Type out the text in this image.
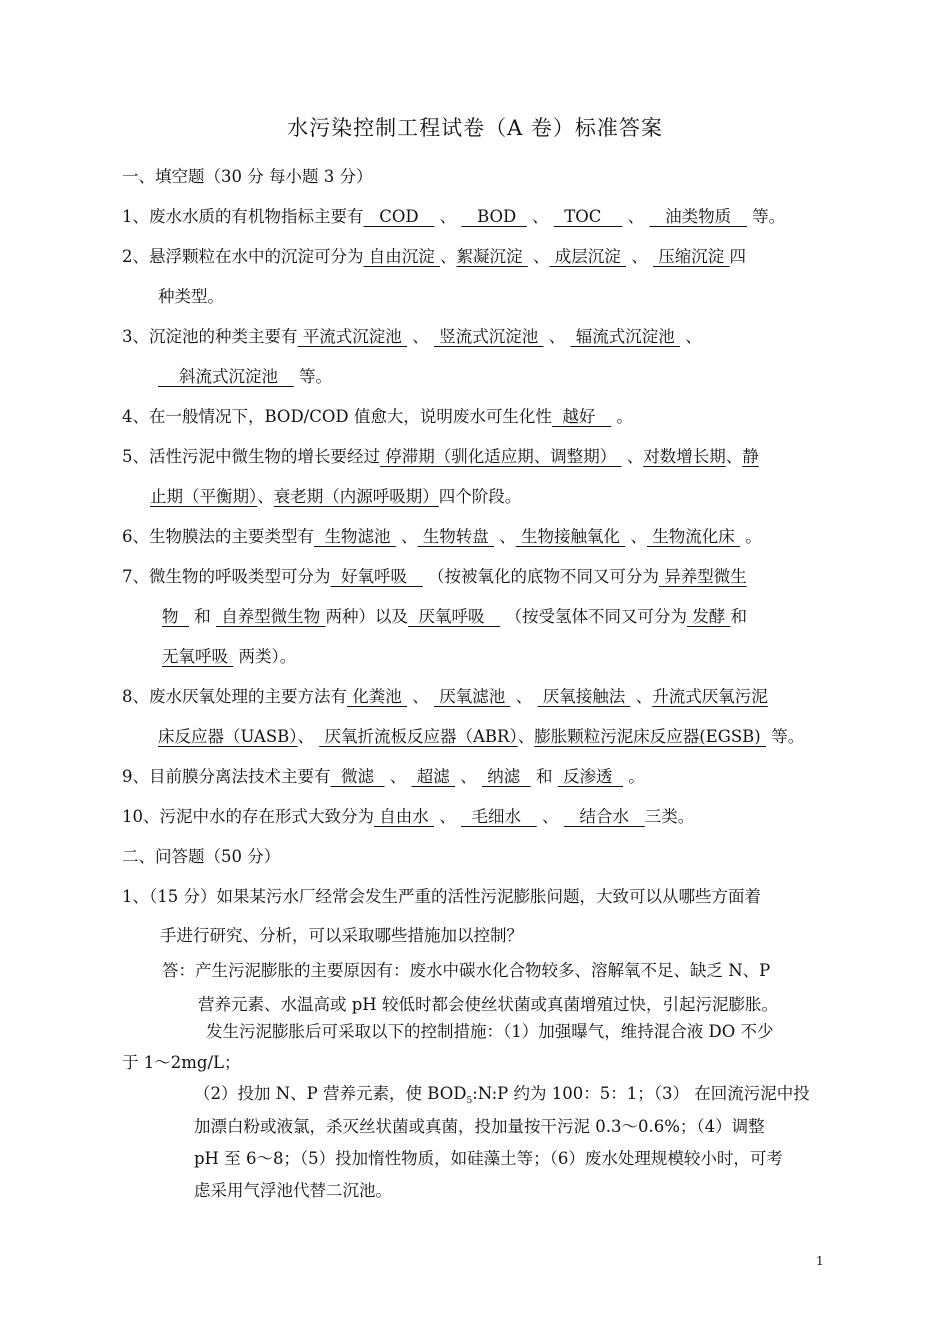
水污染控制工程试卷（A 卷）标准答案
一、填空题（30 分 每小题 3 分）
1、废水水质的有机物指标主要有   COD    、    BOD   、   TOC     、    油类物质    等。
2、悬浮颗粒在水中的沉淀可分为 自由沉淀 、絮凝沉淀  、 成层沉淀  、  压缩沉淀 四
种类型。
3、沉淀池的种类主要有 平流式沉淀池  、  竖流式沉淀池  、  辐流式沉淀池  、
斜流式沉淀池    等。
4、在一般情况下，BOD/COD 值愈大，说明废水可生化性  越好    。
5、活性污泥中微生物的增长要经过 停滞期（驯化适应期、调整期）  、对数增长期、静
止期（平衡期）、衰老期（内源呼吸期）四个阶段。
6、生物膜法的主要类型有  生物滤池  、 生物转盘  、 生物接触氧化  、 生物流化床  。
7、微生物的呼吸类型可分为  好氧呼吸    （按被氧化的底物不同又可分为 异养型微生
物   和  自养型微生物 两种）以及  厌氧呼吸    （按受氢体不同又可分为 发酵 和
无氧呼吸  两类）。
8、废水厌氧处理的主要方法有 化粪池  、  厌氧滤池  、  厌氧接触法  、升流式厌氧污泥
床反应器（UASB）、  厌氧折流板反应器（ABR）、膨胀颗粒污泥床反应器(EGSB)  等。
9、目前膜分离法技术主要有  微滤   、  超滤  、  纳滤   和  反渗透   。
10、污泥中水的存在形式大致分为 自由水  、   毛细水    、    结合水   三类。
二、问答题（50 分）
1、（15 分）如果某污水厂经常会发生严重的活性污泥膨胀问题，大致可以从哪些方面着
手进行研究、分析，可以采取哪些措施加以控制？
答：产生污泥膨胀的主要原因有：废水中碳水化合物较多、溶解氧不足、缺乏 N、P
营养元素、水温高或 pH 较低时都会使丝状菌或真菌增殖过快，引起污泥膨胀。
发生污泥膨胀后可采取以下的控制措施：（1）加强曝气，维持混合液 DO 不少
于 1～2mg/L；
（2）投加 N、P 营养元素，使 $BOD_5:N:P$ 约为 100：5：1；（3） 在回流污泥中投
加漂白粉或液氯，杀灭丝状菌或真菌，投加量按干污泥 0.3～0.6%；（4）调整
pH 至 6～8；（5）投加惰性物质，如硅藻土等；（6）废水处理规模较小时，可考
虑采用气浮池代替二沉池。
1
